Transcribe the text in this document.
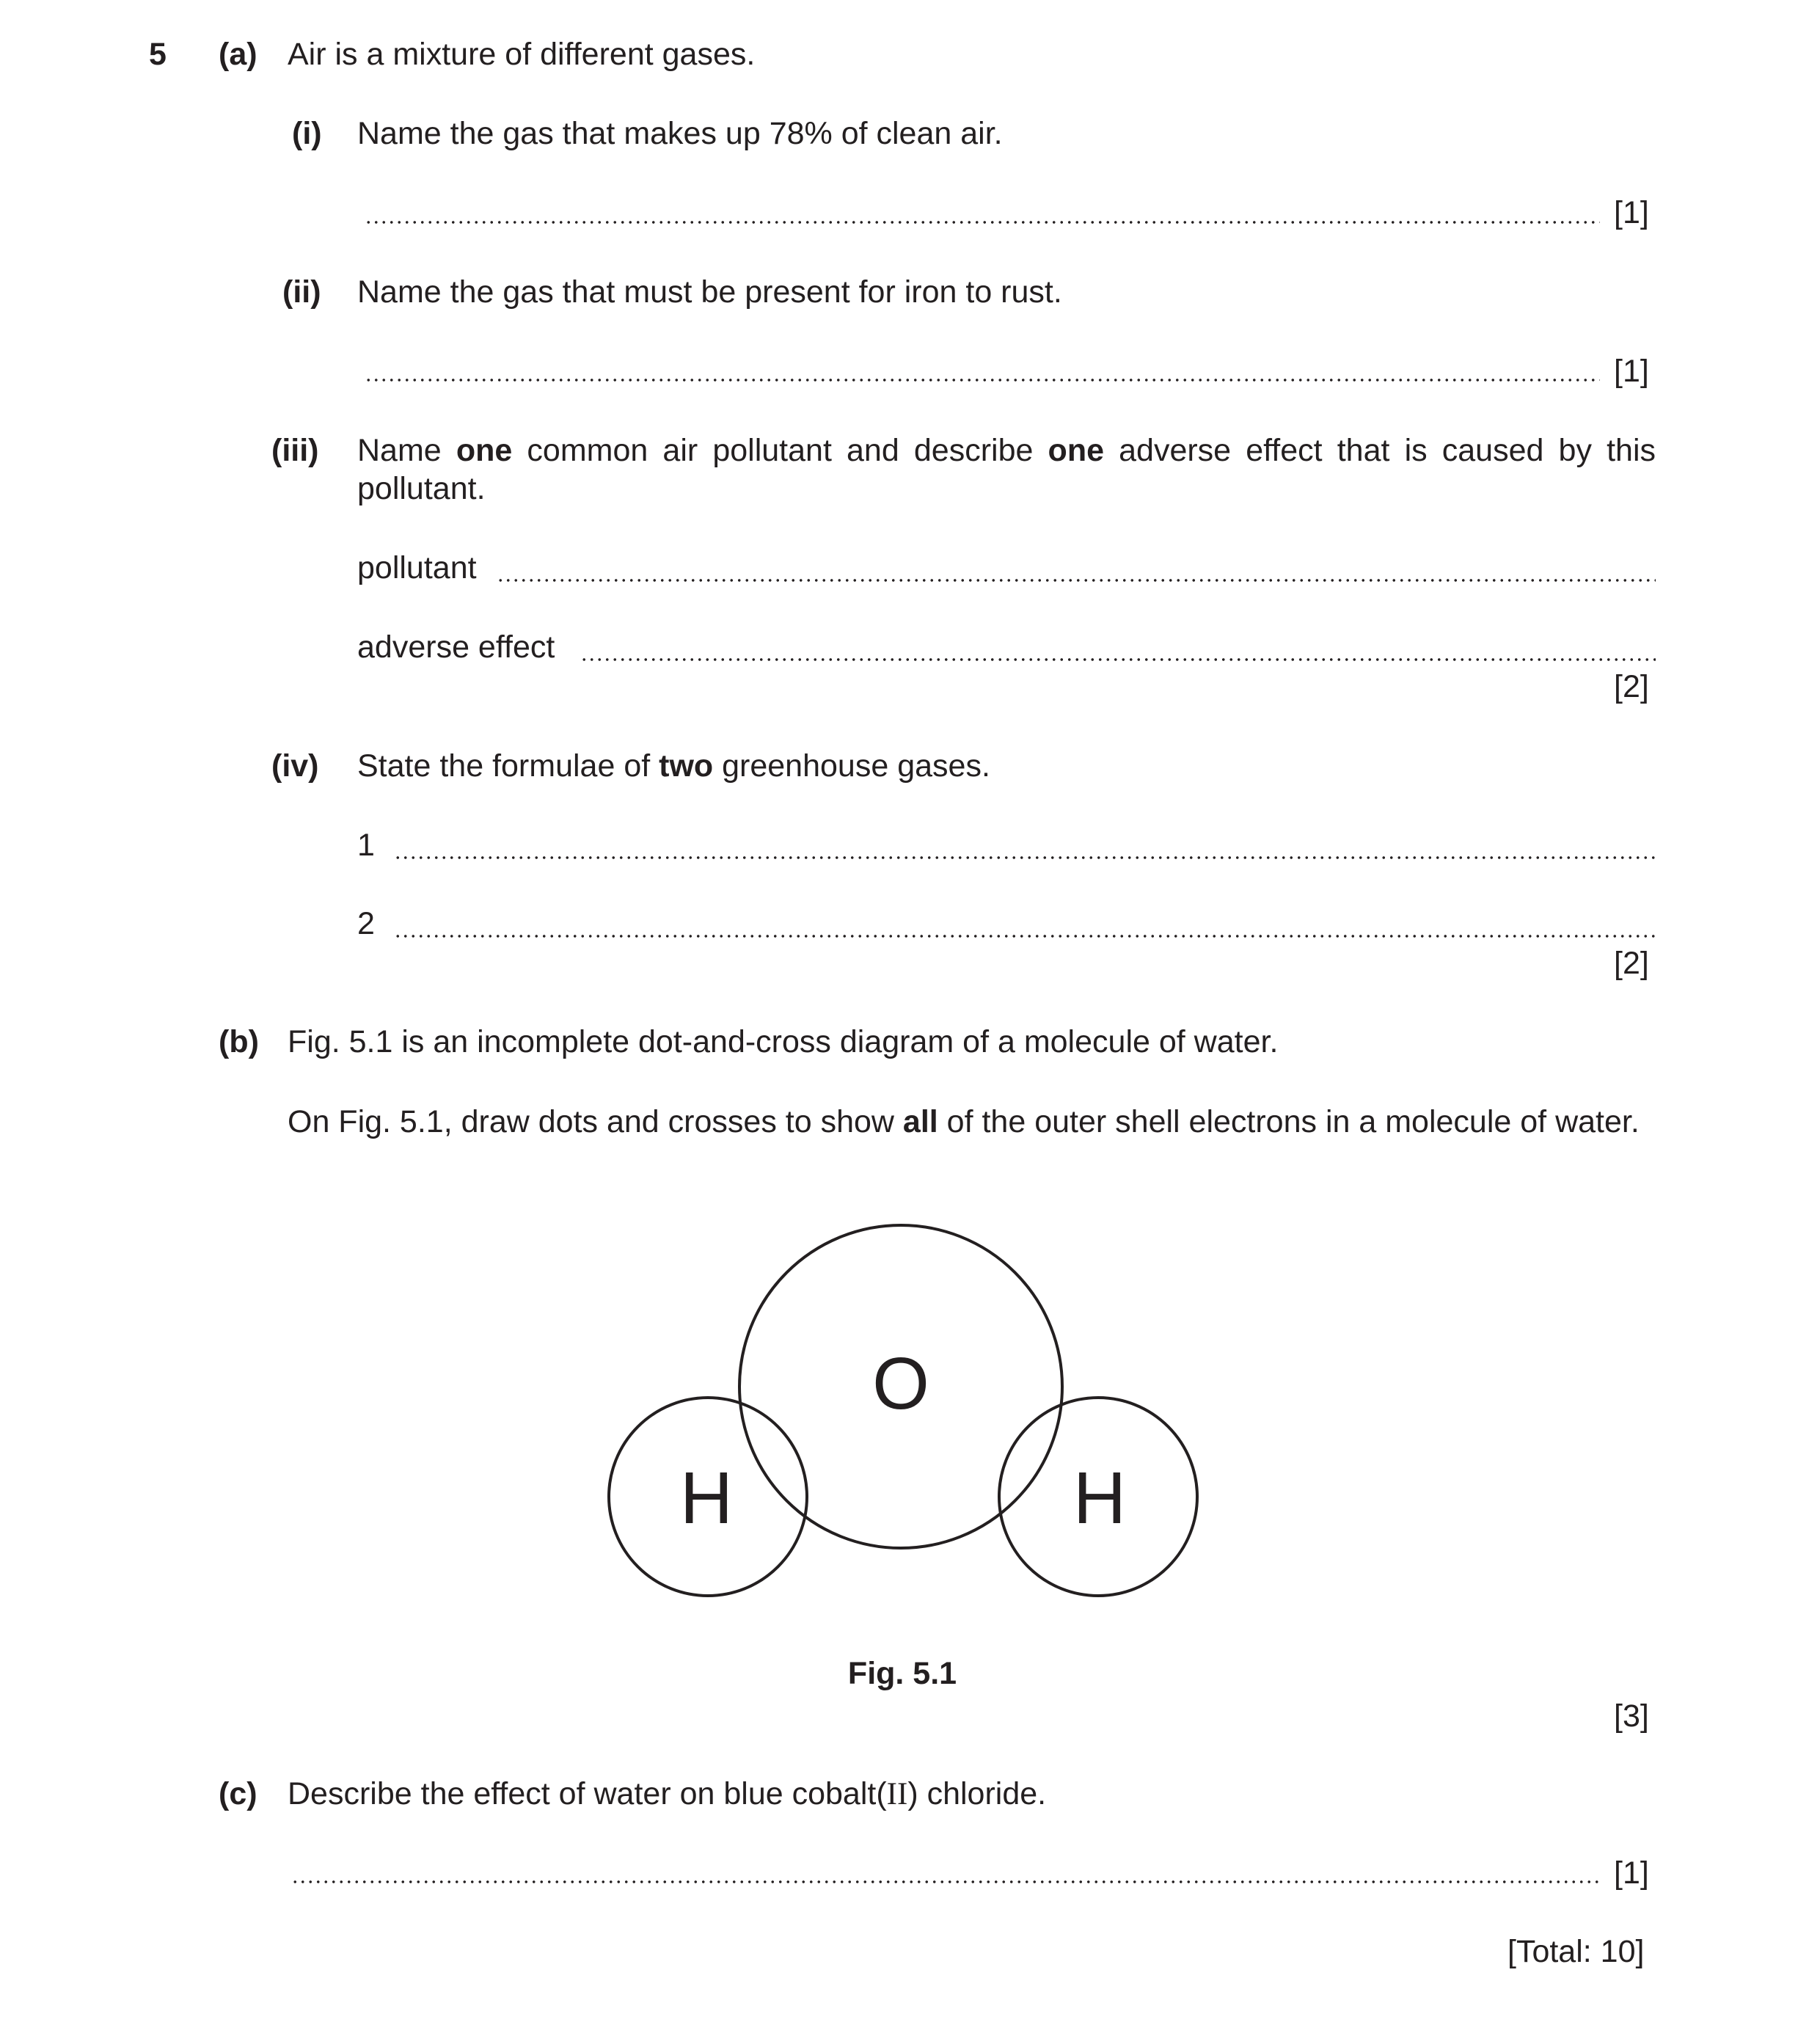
5 (a) Air is a mixture of different gases.
(i) Name the gas that makes up 78% of clean air.
[1]
(ii) Name the gas that must be present for iron to rust.
[1]
(iii) Name one common air pollutant and describe one adverse effect that is caused by this pollutant.
pollutant
adverse effect
[2]
(iv) State the formulae of two greenhouse gases.
1
2
[2]
(b) Fig. 5.1 is an incomplete dot-and-cross diagram of a molecule of water.
On Fig. 5.1, draw dots and crosses to show all of the outer shell electrons in a molecule of water.
O
H	H
Fig. 5.1
[3]
(c) Describe the effect of water on blue cobalt(II) chloride.
[1]
[Total: 10]
